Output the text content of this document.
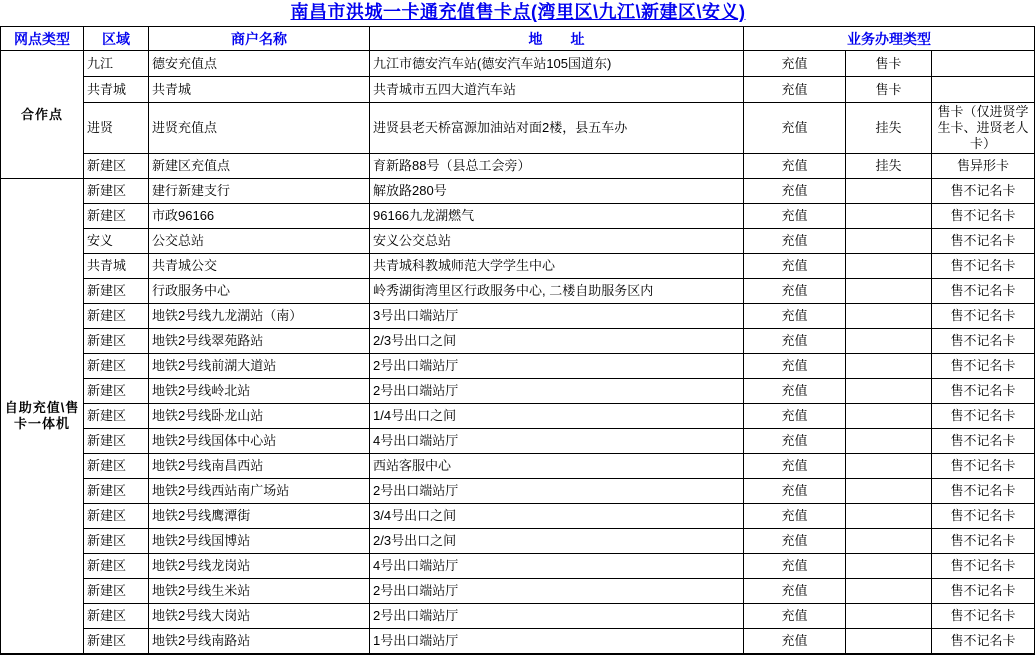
南昌市洪城一卡通充值售卡点(湾里区\九江\新建区\安义)
网点类型	区域	商户名称	地　　址	业务办理类型		
合作点	九江	德安充值点	九江市德安汽车站(德安汽车站105国道东)	充值	售卡	
	共青城	共青城	共青城市五四大道汽车站	充值	售卡	
	进贤	进贤充值点	进贤县老天桥富源加油站对面2楼，县五车办	充值	挂失	售卡（仅进贤学生卡、进贤老人卡）
	新建区	新建区充值点	育新路88号（县总工会旁）	充值	挂失	售异形卡
自助充值\售卡一体机	新建区	建行新建支行	解放路280号	充值		售不记名卡
	新建区	市政96166	96166九龙湖燃气	充值		售不记名卡
	安义	公交总站	安义公交总站	充值		售不记名卡
	共青城	共青城公交	共青城科教城师范大学学生中心	充值		售不记名卡
	新建区	行政服务中心	岭秀湖街湾里区行政服务中心, 二楼自助服务区内	充值		售不记名卡
	新建区	地铁2号线九龙湖站（南）	3号出口端站厅	充值		售不记名卡
	新建区	地铁2号线翠苑路站	2/3号出口之间	充值		售不记名卡
	新建区	地铁2号线前湖大道站	2号出口端站厅	充值		售不记名卡
	新建区	地铁2号线岭北站	2号出口端站厅	充值		售不记名卡
	新建区	地铁2号线卧龙山站	1/4号出口之间	充值		售不记名卡
	新建区	地铁2号线国体中心站	4号出口端站厅	充值		售不记名卡
	新建区	地铁2号线南昌西站	西站客服中心	充值		售不记名卡
	新建区	地铁2号线西站南广场站	2号出口端站厅	充值		售不记名卡
	新建区	地铁2号线鹰潭街	3/4号出口之间	充值		售不记名卡
	新建区	地铁2号线国博站	2/3号出口之间	充值		售不记名卡
	新建区	地铁2号线龙岗站	4号出口端站厅	充值		售不记名卡
	新建区	地铁2号线生米站	2号出口端站厅	充值		售不记名卡
	新建区	地铁2号线大岗站	2号出口端站厅	充值		售不记名卡
	新建区	地铁2号线南路站	1号出口端站厅	充值		售不记名卡
